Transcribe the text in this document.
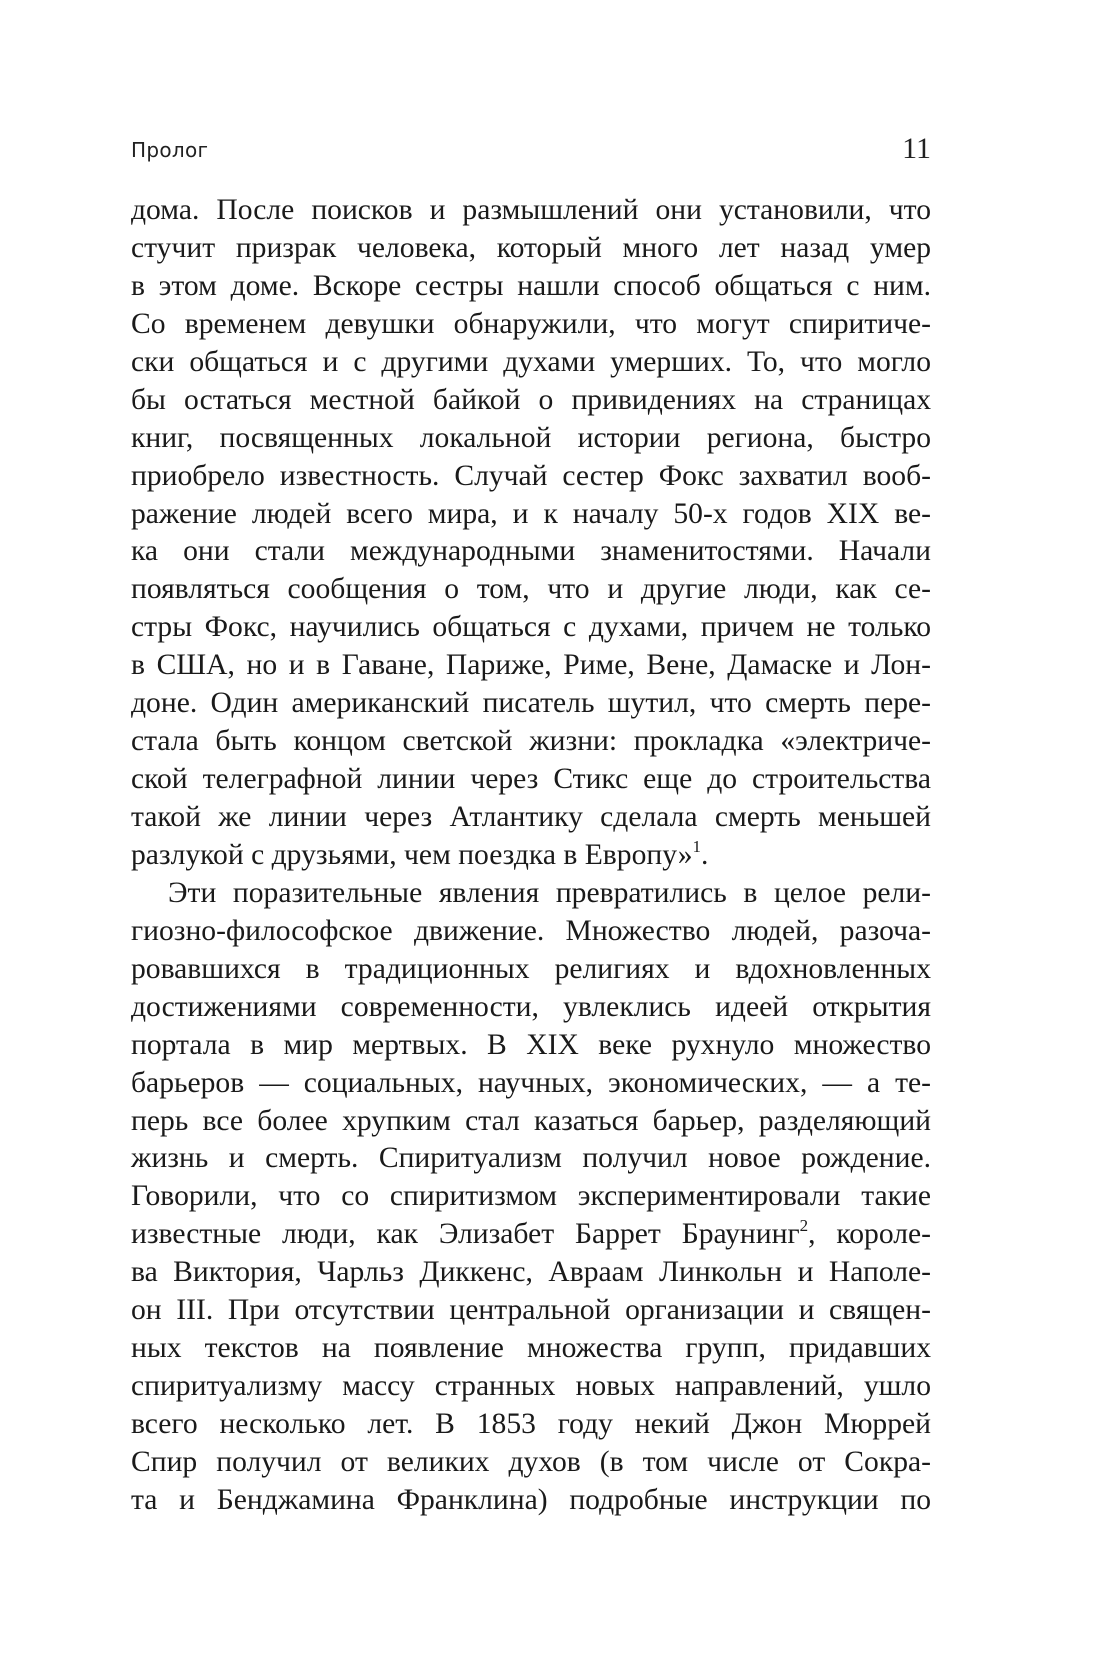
Пролог	11
дома. После поисков и размышлений они установили, что
стучит призрак человека, который много лет назад умер
в этом доме. Вскоре сестры нашли способ общаться с ним.
Со временем девушки обнаружили, что могут спиритиче-
ски общаться и с другими духами умерших. То, что могло
бы остаться местной байкой о привидениях на страницах
книг, посвященных локальной истории региона, быстро
приобрело известность. Случай сестер Фокс захватил вооб-
ражение людей всего мира, и к началу 50-х годов XIX ве-
ка они стали международными знаменитостями. Начали
появляться сообщения о том, что и другие люди, как се-
стры Фокс, научились общаться с духами, причем не только
в США, но и в Гаване, Париже, Риме, Вене, Дамаске и Лон-
доне. Один американский писатель шутил, что смерть пере-
стала быть концом светской жизни: прокладка «электриче-
ской телеграфной линии через Стикс еще до строительства
такой же линии через Атлантику сделала смерть меньшей
разлукой с друзьями, чем поездка в Европу»$^1$.
Эти поразительные явления превратились в целое рели-
гиозно-философское движение. Множество людей, разоча-
ровавшихся в традиционных религиях и вдохновленных
достижениями современности, увлеклись идеей открытия
портала в мир мертвых. В XIX веке рухнуло множество
барьеров — социальных, научных, экономических, — а те-
перь все более хрупким стал казаться барьер, разделяющий
жизнь и смерть. Спиритуализм получил новое рождение.
Говорили, что со спиритизмом экспериментировали такие
известные люди, как Элизабет Баррет Браунинг$^2$, короле-
ва Виктория, Чарльз Диккенс, Авраам Линкольн и Наполе-
он III. При отсутствии центральной организации и священ-
ных текстов на появление множества групп, придавших
спиритуализму массу странных новых направлений, ушло
всего несколько лет. В 1853 году некий Джон Мюррей
Спир получил от великих духов (в том числе от Сокра-
та и Бенджамина Франклина) подробные инструкции по
